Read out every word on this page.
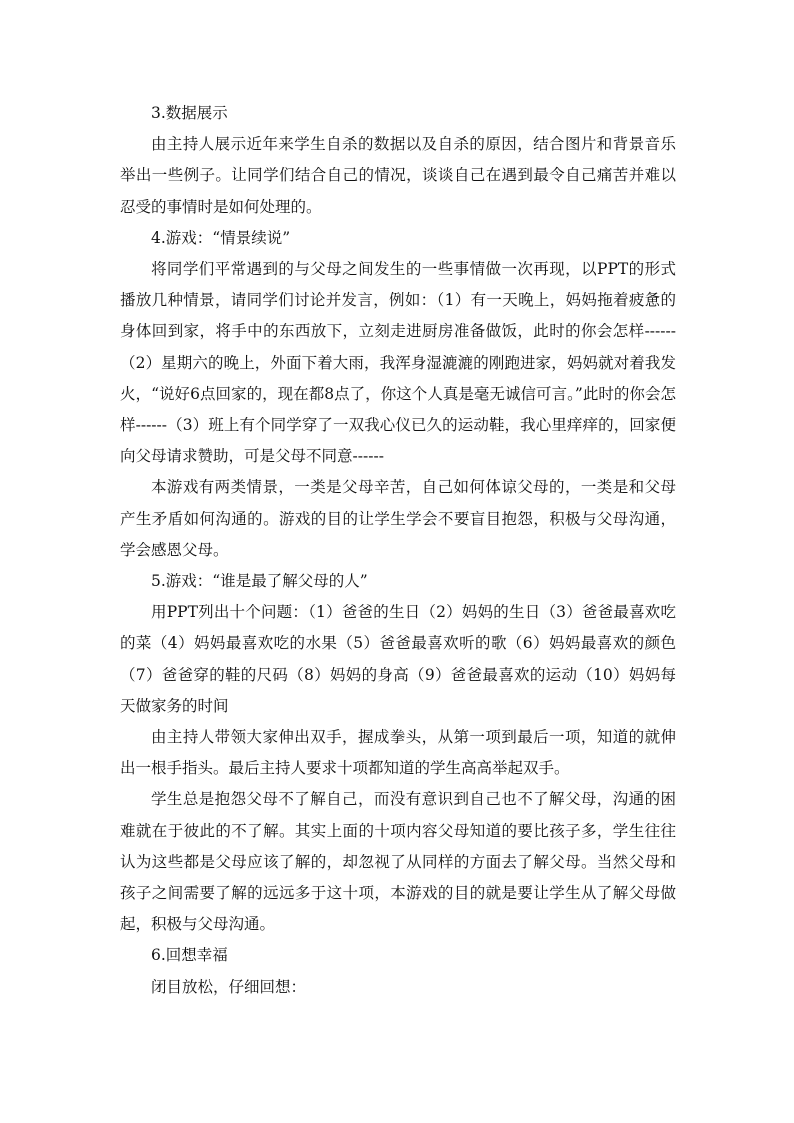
3.数据展示

由主持人展示近年来学生自杀的数据以及自杀的原因，结合图片和背景音乐举出一些例子。让同学们结合自己的情况，谈谈自己在遇到最令自己痛苦并难以忍受的事情时是如何处理的。

4.游戏：“情景续说”

将同学们平常遇到的与父母之间发生的一些事情做一次再现，以PPT的形式播放几种情景，请同学们讨论并发言，例如：（1）有一天晚上，妈妈拖着疲惫的身体回到家，将手中的东西放下，立刻走进厨房准备做饭，此时的你会怎样------（2）星期六的晚上，外面下着大雨，我浑身湿漉漉的刚跑进家，妈妈就对着我发火，“说好6点回家的，现在都8点了，你这个人真是毫无诚信可言。”此时的你会怎样------（3）班上有个同学穿了一双我心仪已久的运动鞋，我心里痒痒的，回家便向父母请求赞助，可是父母不同意------

本游戏有两类情景，一类是父母辛苦，自己如何体谅父母的，一类是和父母产生矛盾如何沟通的。游戏的目的让学生学会不要盲目抱怨，积极与父母沟通，学会感恩父母。

5.游戏：“谁是最了解父母的人”

用PPT列出十个问题：（1）爸爸的生日（2）妈妈的生日（3）爸爸最喜欢吃的菜（4）妈妈最喜欢吃的水果（5）爸爸最喜欢听的歌（6）妈妈最喜欢的颜色（7）爸爸穿的鞋的尺码（8）妈妈的身高（9）爸爸最喜欢的运动（10）妈妈每天做家务的时间

由主持人带领大家伸出双手，握成拳头，从第一项到最后一项，知道的就伸出一根手指头。最后主持人要求十项都知道的学生高高举起双手。

学生总是抱怨父母不了解自己，而没有意识到自己也不了解父母，沟通的困难就在于彼此的不了解。其实上面的十项内容父母知道的要比孩子多，学生往往认为这些都是父母应该了解的，却忽视了从同样的方面去了解父母。当然父母和孩子之间需要了解的远远多于这十项，本游戏的目的就是要让学生从了解父母做起，积极与父母沟通。

6.回想幸福

闭目放松，仔细回想：
